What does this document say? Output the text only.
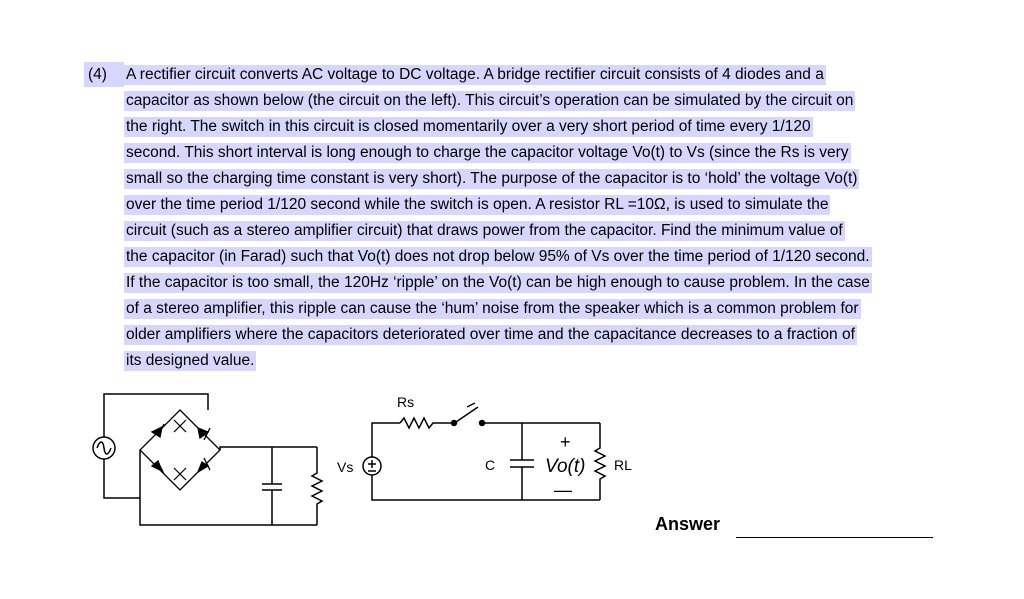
(4) A rectifier circuit converts AC voltage to DC voltage. A bridge rectifier circuit consists of 4 diodes and a
capacitor as shown below (the circuit on the left). This circuit’s operation can be simulated by the circuit on
the right. The switch in this circuit is closed momentarily over a very short period of time every 1/120
second. This short interval is long enough to charge the capacitor voltage Vo(t) to Vs (since the Rs is very
small so the charging time constant is very short). The purpose of the capacitor is to ‘hold’ the voltage Vo(t)
over the time period 1/120 second while the switch is open. A resistor RL =10Ω, is used to simulate the
circuit (such as a stereo amplifier circuit) that draws power from the capacitor. Find the minimum value of
the capacitor (in Farad) such that Vo(t) does not drop below 95% of Vs over the time period of 1/120 second.
If the capacitor is too small, the 120Hz ‘ripple’ on the Vo(t) can be high enough to cause problem. In the case
of a stereo amplifier, this ripple can cause the ‘hum’ noise from the speaker which is a common problem for
older amplifiers where the capacitors deteriorated over time and the capacitance decreases to a fraction of
its designed value.
Rs
Vs	C
+
Vo(t)
—
RL
Answer
